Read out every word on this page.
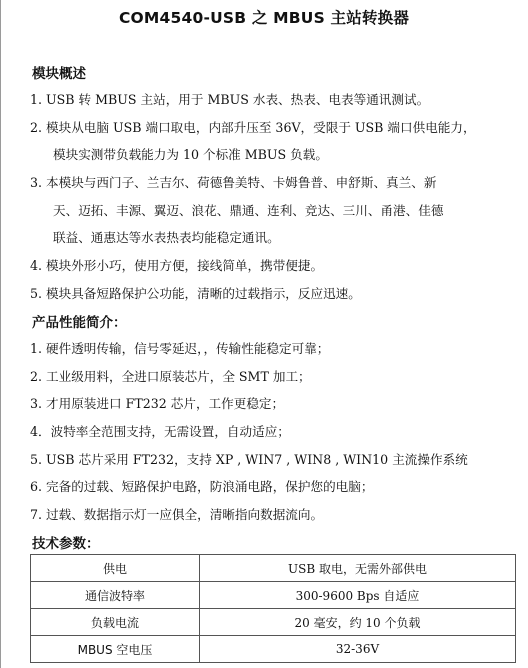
COM4540-USB 之 MBUS 主站转换器
模块概述
1. USB 转 MBUS 主站，用于 MBUS 水表、热表、电表等通讯测试。
2. 模块从电脑 USB 端口取电，内部升压至 36V，受限于 USB 端口供电能力，
模块实测带负载能力为 10 个标准 MBUS 负载。
3. 本模块与西门子、兰吉尔、荷德鲁美特、卡姆鲁普、申舒斯、真兰、新
天、迈拓、丰源、翼迈、浪花、鼎通、连利、竞达、三川、甬港、佳德
联益、通惠达等水表热表均能稳定通讯。
4. 模块外形小巧，使用方便，接线简单，携带便捷。
5. 模块具备短路保护公功能，清晰的过载指示，反应迅速。
产品性能简介：
1. 硬件透明传输，信号零延迟，，传输性能稳定可靠；
2. 工业级用料，全进口原装芯片，全 SMT 加工；
3. 才用原装进口 FT232 芯片，工作更稳定；
4．波特率全范围支持，无需设置，自动适应；
5. USB 芯片采用 FT232，支持 XP , WIN7 , WIN8 , WIN10 主流操作系统
6. 完备的过载、短路保护电路，防浪涌电路，保护您的电脑；
7. 过载、数据指示灯一应俱全，清晰指向数据流向。
技术参数：
供电	USB 取电，无需外部供电
通信波特率	300-9600 Bps 自适应
负载电流	20 毫安，约 10 个负载
MBUS 空电压	32-36V
